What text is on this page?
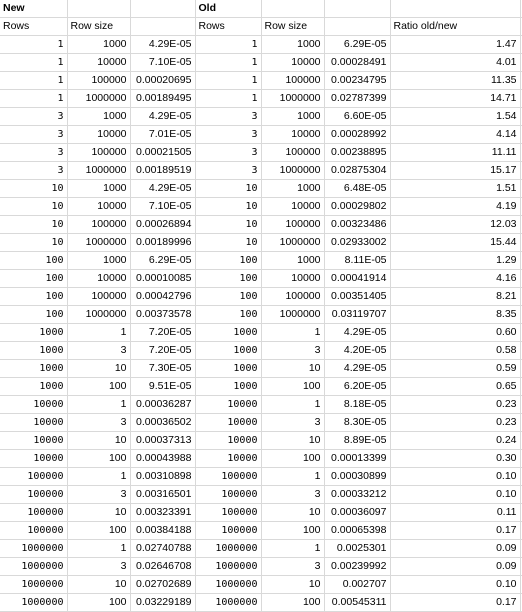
New			Old				
Rows	Row size		Rows	Row size		Ratio old/new	
1	1000	4.29E-05	1	1000	6.29E-05	1.47	
1	10000	7.10E-05	1	10000	0.00028491	4.01	
1	100000	0.00020695	1	100000	0.00234795	11.35	
1	1000000	0.00189495	1	1000000	0.02787399	14.71	
3	1000	4.29E-05	3	1000	6.60E-05	1.54	
3	10000	7.01E-05	3	10000	0.00028992	4.14	
3	100000	0.00021505	3	100000	0.00238895	11.11	
3	1000000	0.00189519	3	1000000	0.02875304	15.17	
10	1000	4.29E-05	10	1000	6.48E-05	1.51	
10	10000	7.10E-05	10	10000	0.00029802	4.19	
10	100000	0.00026894	10	100000	0.00323486	12.03	
10	1000000	0.00189996	10	1000000	0.02933002	15.44	
100	1000	6.29E-05	100	1000	8.11E-05	1.29	
100	10000	0.00010085	100	10000	0.00041914	4.16	
100	100000	0.00042796	100	100000	0.00351405	8.21	
100	1000000	0.00373578	100	1000000	0.03119707	8.35	
1000	1	7.20E-05	1000	1	4.29E-05	0.60	
1000	3	7.20E-05	1000	3	4.20E-05	0.58	
1000	10	7.30E-05	1000	10	4.29E-05	0.59	
1000	100	9.51E-05	1000	100	6.20E-05	0.65	
10000	1	0.00036287	10000	1	8.18E-05	0.23	
10000	3	0.00036502	10000	3	8.30E-05	0.23	
10000	10	0.00037313	10000	10	8.89E-05	0.24	
10000	100	0.00043988	10000	100	0.00013399	0.30	
100000	1	0.00310898	100000	1	0.00030899	0.10	
100000	3	0.00316501	100000	3	0.00033212	0.10	
100000	10	0.00323391	100000	10	0.00036097	0.11	
100000	100	0.00384188	100000	100	0.00065398	0.17	
1000000	1	0.02740788	1000000	1	0.0025301	0.09	
1000000	3	0.02646708	1000000	3	0.00239992	0.09	
1000000	10	0.02702689	1000000	10	0.002707	0.10	
1000000	100	0.03229189	1000000	100	0.00545311	0.17	
